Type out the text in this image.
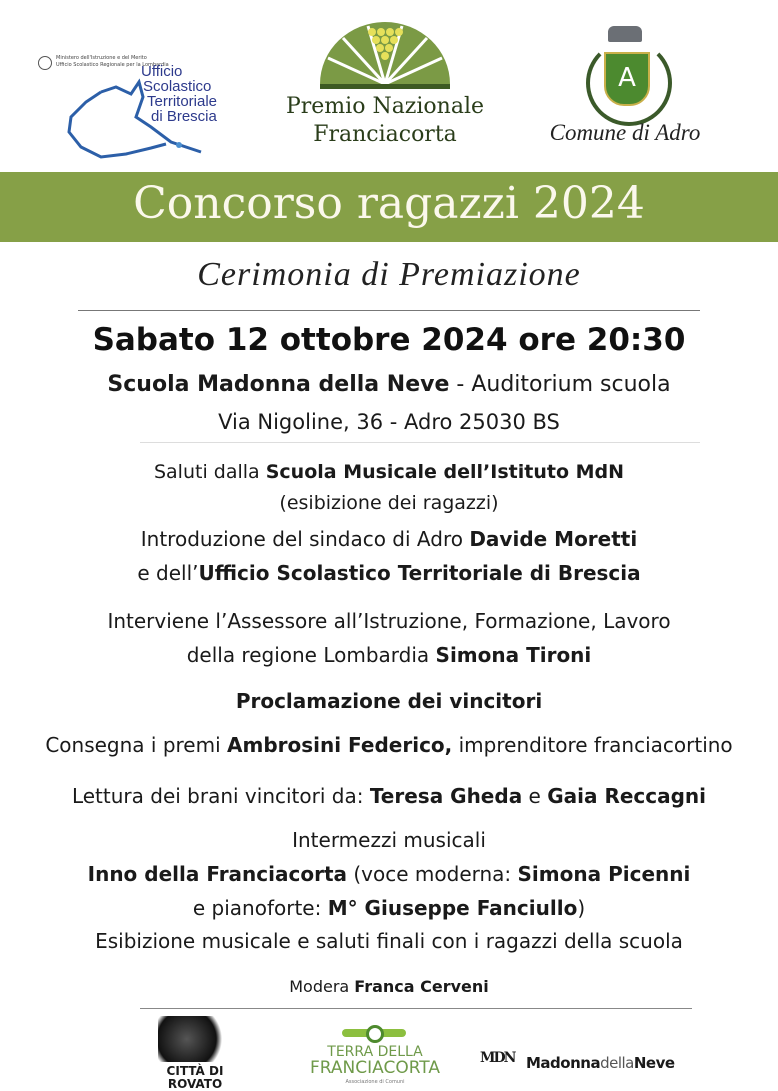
Ministero dell'Istruzione e del Merito
Ufficio Scolastico Regionale per la Lombardia
Ufficio
Scolastico
Territoriale
di Brescia	Premio Nazionale
Franciacorta
A
Comune di Adro
Concorso ragazzi 2024
Cerimonia di Premiazione
Sabato 12 ottobre 2024 ore 20:30
Scuola Madonna della Neve - Auditorium scuola
Via Nigoline, 36 - Adro 25030 BS
Saluti dalla Scuola Musicale dell’Istituto MdN
(esibizione dei ragazzi)
Introduzione del sindaco di Adro Davide Moretti
e dell’Ufficio Scolastico Territoriale di Brescia
Interviene l’Assessore all’Istruzione, Formazione, Lavoro
della regione Lombardia Simona Tironi
Proclamazione dei vincitori
Consegna i premi Ambrosini Federico, imprenditore franciacortino
Lettura dei brani vincitori da: Teresa Gheda e Gaia Reccagni
Intermezzi musicali
Inno della Franciacorta (voce moderna: Simona Picenni
e pianoforte: M° Giuseppe Fanciullo)
Esibizione musicale e saluti finali con i ragazzi della scuola
Modera Franca Cerveni
CITTÀ DI
ROVATO
TERRA DELLA
FRANCIACORTA
Associazione di Comuni
MDN MadonnadellaNeve
